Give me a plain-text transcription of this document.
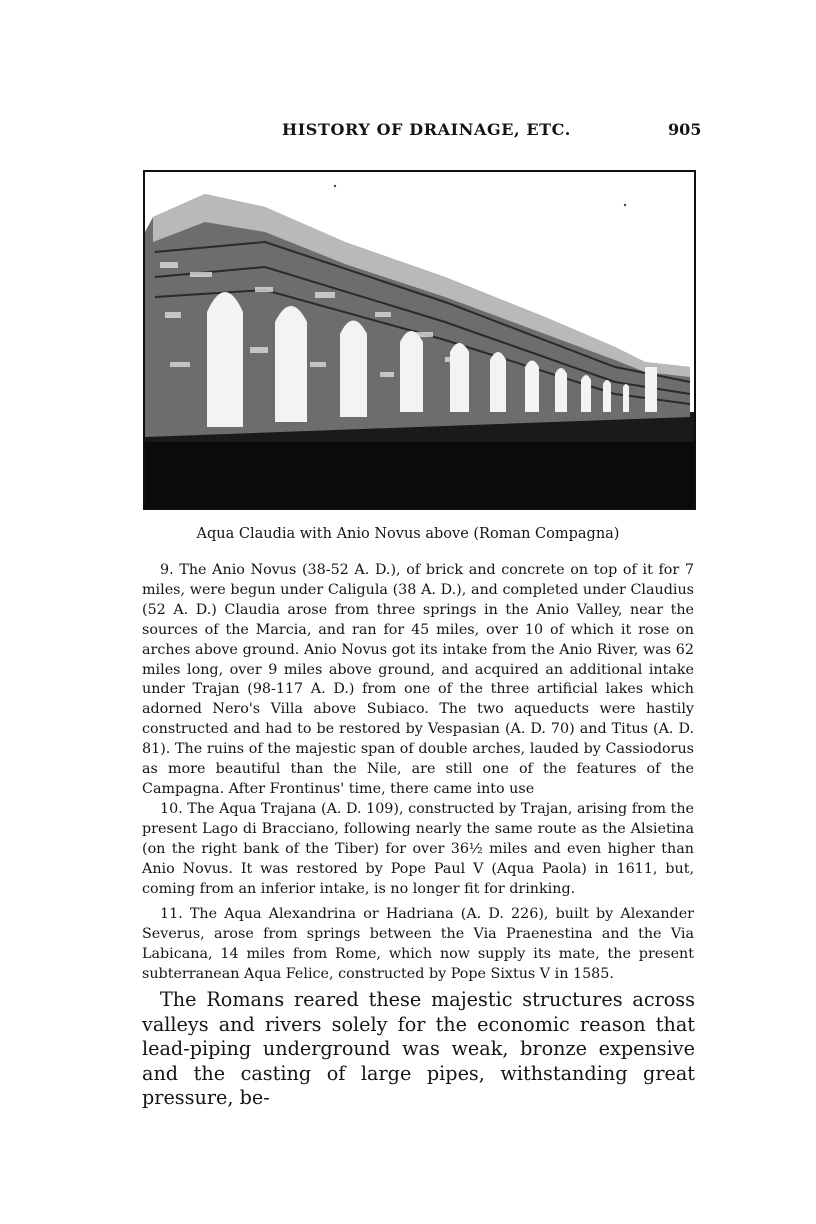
HISTORY OF DRAINAGE, ETC.	905
Aqua Claudia with Anio Novus above (Roman Compagna)

9. The Anio Novus (38-52 A. D.), of brick and concrete on top of it for 7 miles, were begun under Caligula (38 A. D.), and completed under Claudius (52 A. D.) Claudia arose from three springs in the Anio Valley, near the sources of the Marcia, and ran for 45 miles, over 10 of which it rose on arches above ground. Anio Novus got its intake from the Anio River, was 62 miles long, over 9 miles above ground, and acquired an additional intake under Trajan (98-117 A. D.) from one of the three artificial lakes which adorned Nero's Villa above Subiaco. The two aqueducts were hastily constructed and had to be restored by Vespasian (A. D. 70) and Titus (A. D. 81). The ruins of the majestic span of double arches, lauded by Cassiodorus as more beautiful than the Nile, are still one of the features of the Campagna. After Frontinus' time, there came into use

10. The Aqua Trajana (A. D. 109), constructed by Trajan, arising from the present Lago di Bracciano, following nearly the same route as the Alsietina (on the right bank of the Tiber) for over 36½ miles and even higher than Anio Novus. It was restored by Pope Paul V (Aqua Paola) in 1611, but, coming from an inferior intake, is no longer fit for drinking.

11. The Aqua Alexandrina or Hadriana (A. D. 226), built by Alexander Severus, arose from springs between the Via Praenestina and the Via Labicana, 14 miles from Rome, which now supply its mate, the present subterranean Aqua Felice, constructed by Pope Sixtus V in 1585.

The Romans reared these majestic structures across valleys and rivers solely for the economic reason that lead-piping underground was weak, bronze expensive and the casting of large pipes, withstanding great pressure, be-
